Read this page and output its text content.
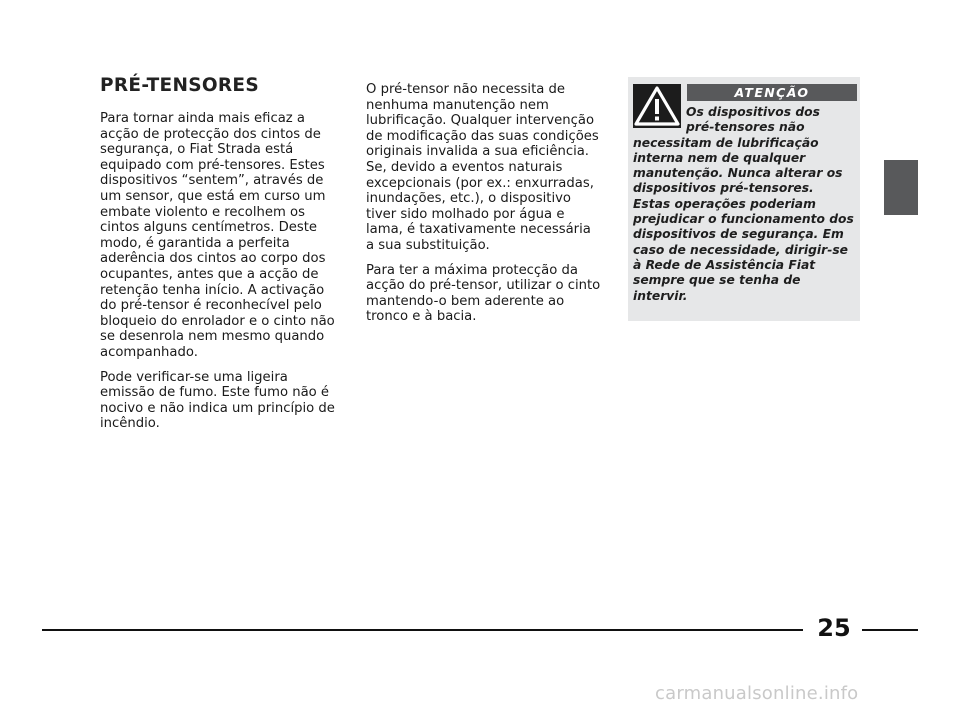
PRÉ-TENSORES

Para tornar ainda mais eficaz a acção de protecção dos cintos de segurança, o Fiat Strada está equipado com pré-tensores. Estes dispositivos “sentem”, através de um sensor, que está em curso um embate violento e recolhem os cintos alguns centímetros. Deste modo, é garantida a perfeita aderência dos cintos ao corpo dos ocupantes, antes que a acção de retenção tenha início. A activação do pré-tensor é reconhecível pelo bloqueio do enrolador e o cinto não se desenrola nem mesmo quando acompanhado.

Pode verificar-se uma ligeira emissão de fumo. Este fumo não é nocivo e não indica um princípio de incêndio.

O pré-tensor não necessita de nenhuma manutenção nem lubrificação. Qualquer intervenção de modificação das suas condições originais invalida a sua eficiência. Se, devido a eventos naturais excepcionais (por ex.: enxurradas, inundações, etc.), o dispositivo tiver sido molhado por água e lama, é taxativamente necessária a sua substituição.

Para ter a máxima protecção da acção do pré-tensor, utilizar o cinto mantendo-o bem aderente ao tronco e à bacia.

ATENÇÃO
Os dispositivos dos
pré-tensores não
necessitam de lubrificação interna nem de qualquer manutenção. Nunca alterar os dispositivos pré-tensores. Estas operações poderiam prejudicar o funcionamento dos dispositivos de segurança. Em caso de necessidade, dirigir-se à Rede de Assistência Fiat sempre que se tenha de intervir.
25
carmanualsonline.info
